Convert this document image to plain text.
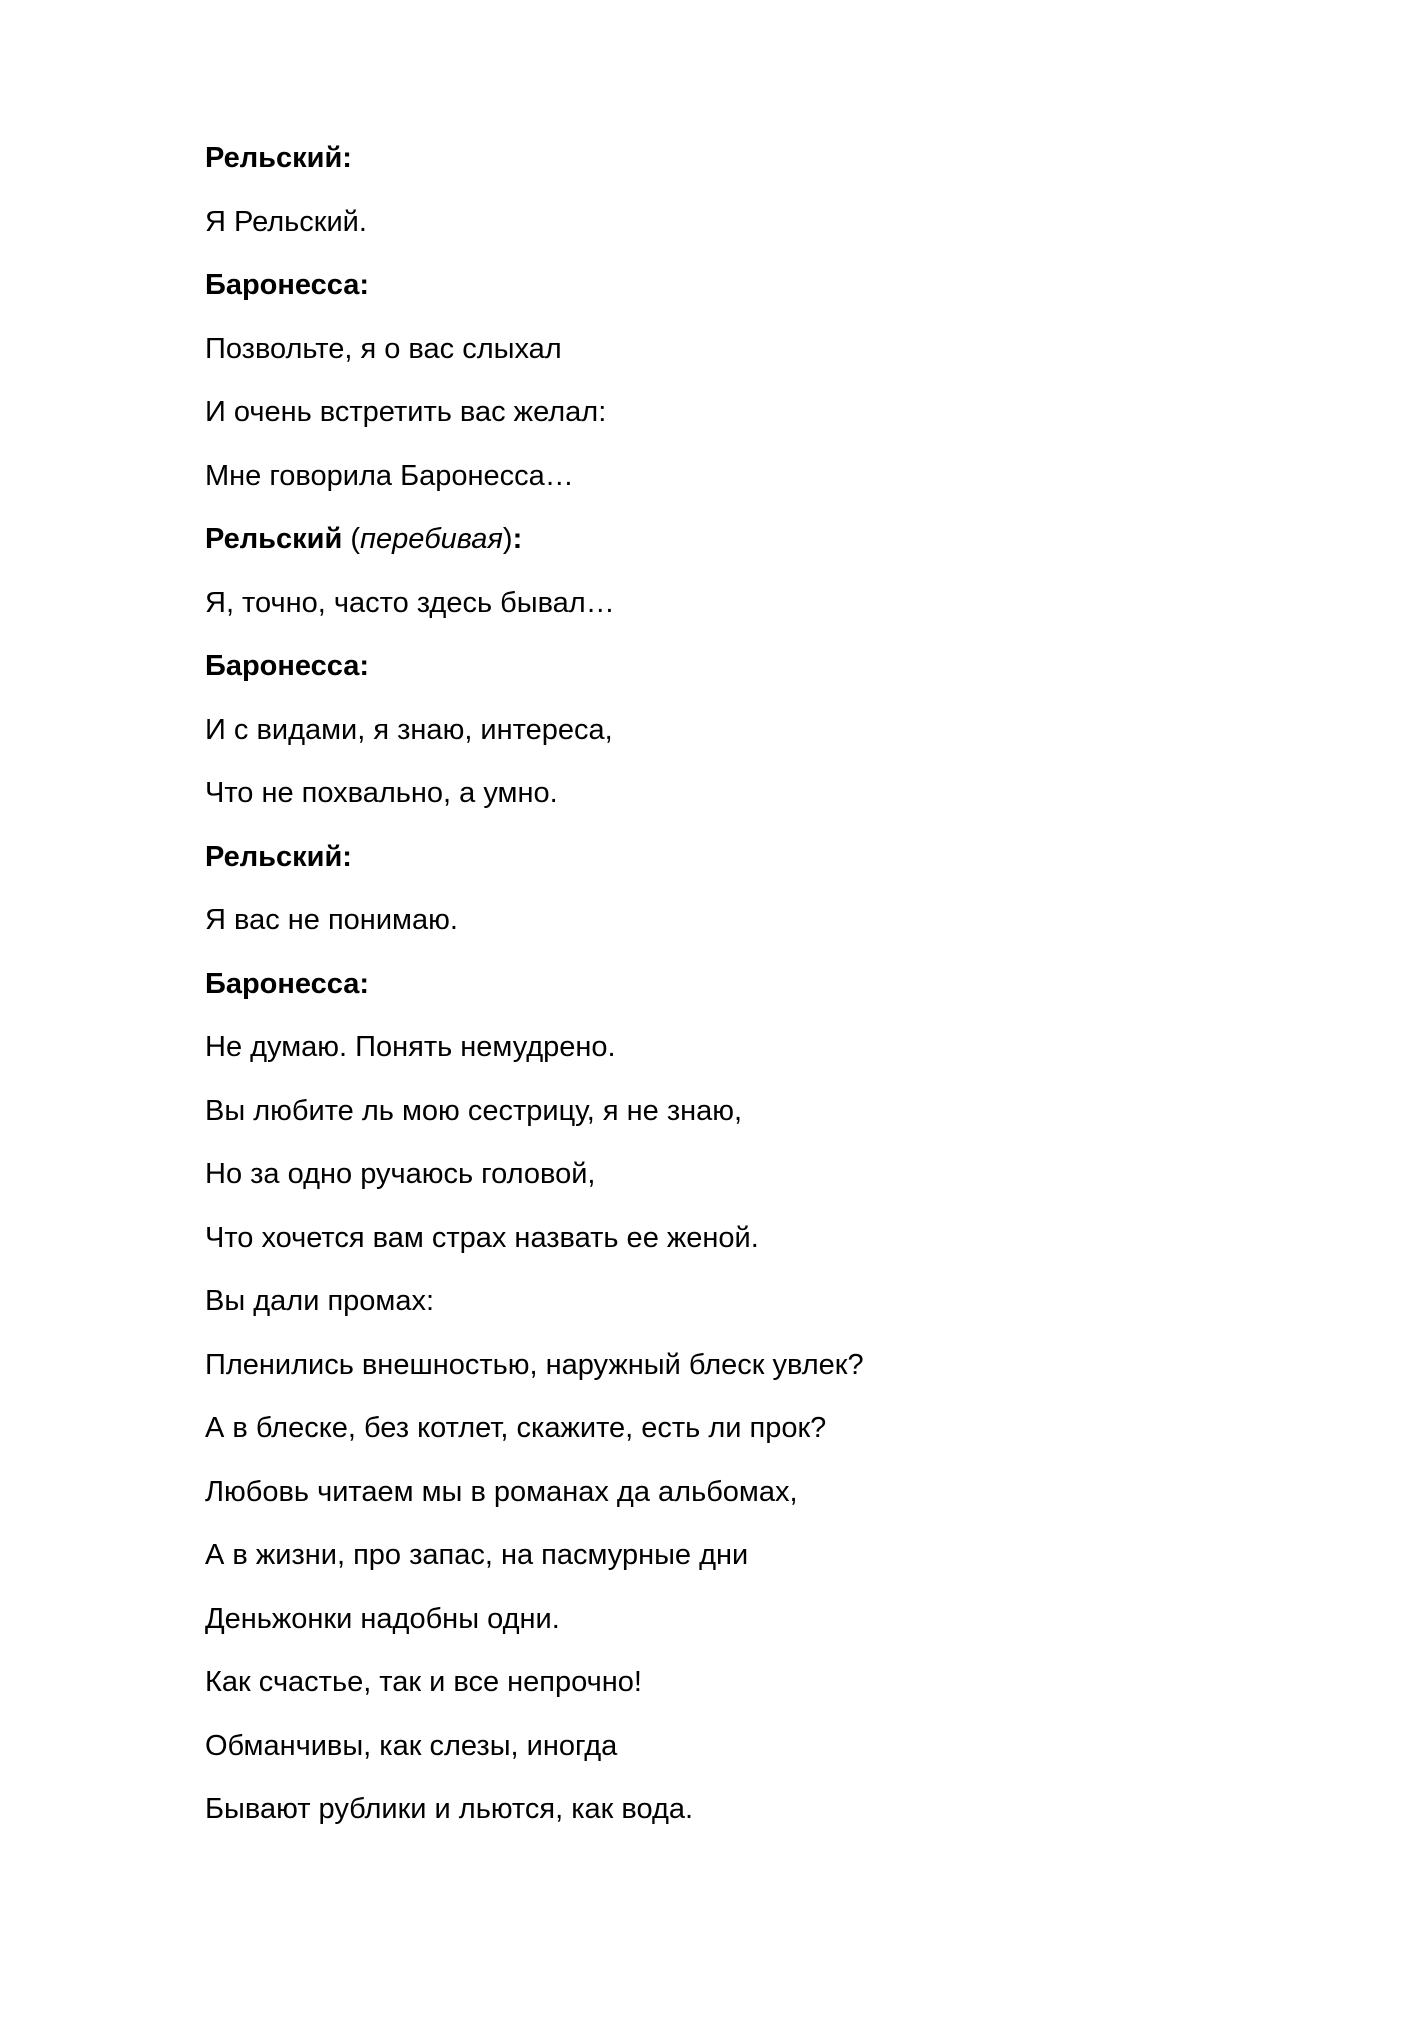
Рельский:
Я Рельский.
Баронесса:
Позвольте, я о вас слыхал
И очень встретить вас желал:
Мне говорила Баронесса…
Рельский (перебивая):
Я, точно, часто здесь бывал…
Баронесса:
И с видами, я знаю, интереса,
Что не похвально, а умно.
Рельский:
Я вас не понимаю.
Баронесса:
Не думаю. Понять немудрено.
Вы любите ль мою сестрицу, я не знаю,
Но за одно ручаюсь головой,
Что хочется вам страх назвать ее женой.
Вы дали промах:
Пленились внешностью, наружный блеск увлек?
А в блеске, без котлет, скажите, есть ли прок?
Любовь читаем мы в романах да альбомах,
А в жизни, про запас, на пасмурные дни
Деньжонки надобны одни.
Как счастье, так и все непрочно!
Обманчивы, как слезы, иногда
Бывают рублики и льются, как вода.
